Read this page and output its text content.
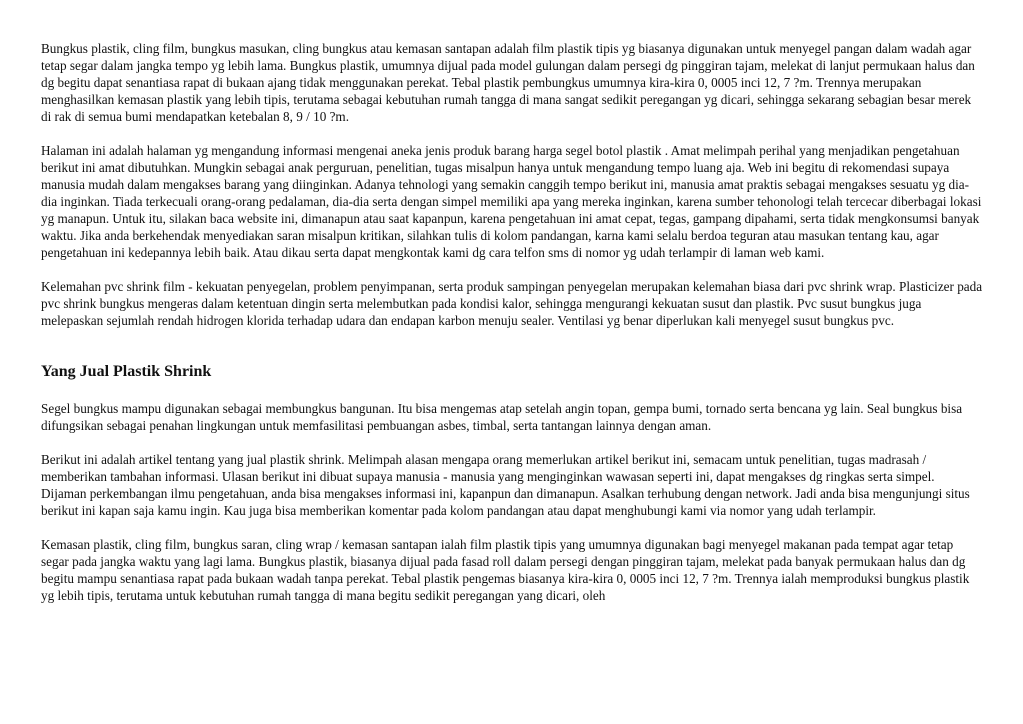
Bungkus plastik, cling film, bungkus masukan, cling bungkus atau kemasan santapan adalah film plastik tipis yg biasanya digunakan untuk menyegel pangan dalam wadah agar tetap segar dalam jangka tempo yg lebih lama. Bungkus plastik, umumnya dijual pada model gulungan dalam persegi dg pinggiran tajam, melekat di lanjut permukaan halus dan dg begitu dapat senantiasa rapat di bukaan ajang tidak menggunakan perekat. Tebal plastik pembungkus umumnya kira-kira 0, 0005 inci 12, 7 ?m. Trennya merupakan menghasilkan kemasan plastik yang lebih tipis, terutama sebagai kebutuhan rumah tangga di mana sangat sedikit peregangan yg dicari, sehingga sekarang sebagian besar merek di rak di semua bumi mendapatkan ketebalan 8, 9 / 10 ?m.

Halaman ini adalah halaman yg mengandung informasi mengenai aneka jenis produk barang harga segel botol plastik . Amat melimpah perihal yang menjadikan pengetahuan berikut ini amat dibutuhkan. Mungkin sebagai anak perguruan, penelitian, tugas misalpun hanya untuk mengandung tempo luang aja. Web ini begitu di rekomendasi supaya manusia mudah dalam mengakses barang yang diinginkan. Adanya tehnologi yang semakin canggih tempo berikut ini, manusia amat praktis sebagai mengakses sesuatu yg dia-dia inginkan. Tiada terkecuali orang-orang pedalaman, dia-dia serta dengan simpel memiliki apa yang mereka inginkan, karena sumber tehonologi telah tercecar diberbagai lokasi yg manapun. Untuk itu, silakan baca website ini, dimanapun atau saat kapanpun, karena pengetahuan ini amat cepat, tegas, gampang dipahami, serta tidak mengkonsumsi banyak waktu. Jika anda berkehendak menyediakan saran misalpun kritikan, silahkan tulis di kolom pandangan, karna kami selalu berdoa teguran atau masukan tentang kau, agar pengetahuan ini kedepannya lebih baik. Atau dikau serta dapat mengkontak kami dg cara telfon sms di nomor yg udah terlampir di laman web kami.

Kelemahan pvc shrink film - kekuatan penyegelan, problem penyimpanan, serta produk sampingan penyegelan merupakan kelemahan biasa dari pvc shrink wrap. Plasticizer pada pvc shrink bungkus mengeras dalam ketentuan dingin serta melembutkan pada kondisi kalor, sehingga mengurangi kekuatan susut dan plastik. Pvc susut bungkus juga melepaskan sejumlah rendah hidrogen klorida terhadap udara dan endapan karbon menuju sealer. Ventilasi yg benar diperlukan kali menyegel susut bungkus pvc.

Yang Jual Plastik Shrink

Segel bungkus mampu digunakan sebagai membungkus bangunan. Itu bisa mengemas atap setelah angin topan, gempa bumi, tornado serta bencana yg lain. Seal bungkus bisa difungsikan sebagai penahan lingkungan untuk memfasilitasi pembuangan asbes, timbal, serta tantangan lainnya dengan aman.

Berikut ini adalah artikel tentang yang jual plastik shrink. Melimpah alasan mengapa orang memerlukan artikel berikut ini, semacam untuk penelitian, tugas madrasah / memberikan tambahan informasi. Ulasan berikut ini dibuat supaya manusia - manusia yang menginginkan wawasan seperti ini, dapat mengakses dg ringkas serta simpel. Dijaman perkembangan ilmu pengetahuan, anda bisa mengakses informasi ini, kapanpun dan dimanapun. Asalkan terhubung dengan network. Jadi anda bisa mengunjungi situs berikut ini kapan saja kamu ingin. Kau juga bisa memberikan komentar pada kolom pandangan atau dapat menghubungi kami via nomor yang udah terlampir.

Kemasan plastik, cling film, bungkus saran, cling wrap / kemasan santapan ialah film plastik tipis yang umumnya digunakan bagi menyegel makanan pada tempat agar tetap segar pada jangka waktu yang lagi lama. Bungkus plastik, biasanya dijual pada fasad roll dalam persegi dengan pinggiran tajam, melekat pada banyak permukaan halus dan dg begitu mampu senantiasa rapat pada bukaan wadah tanpa perekat. Tebal plastik pengemas biasanya kira-kira 0, 0005 inci 12, 7 ?m. Trennya ialah memproduksi bungkus plastik yg lebih tipis, terutama untuk kebutuhan rumah tangga di mana begitu sedikit peregangan yang dicari, oleh
